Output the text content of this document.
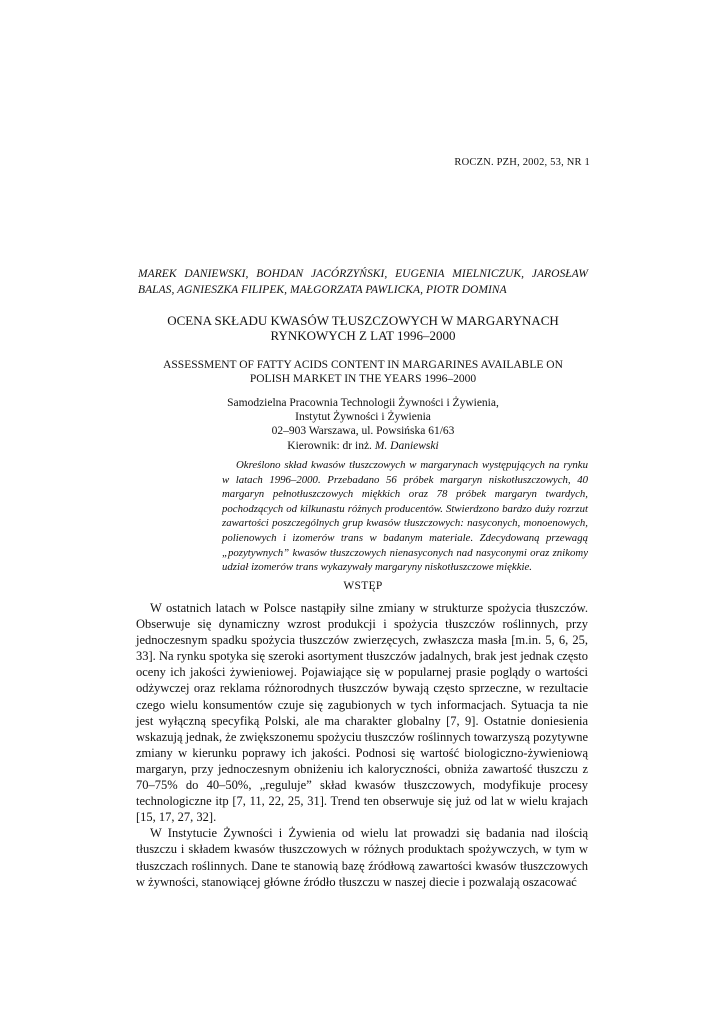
ROCZN. PZH, 2002, 53, NR 1
MAREK DANIEWSKI, BOHDAN JACÓRZYŃSKI, EUGENIA MIELNICZUK, JAROSŁAW BALAS, AGNIESZKA FILIPEK, MAŁGORZATA PAWLICKA, PIOTR DOMINA
OCENA SKŁADU KWASÓW TŁUSZCZOWYCH W MARGARYNACH
RYNKOWYCH Z LAT 1996–2000
ASSESSMENT OF FATTY ACIDS CONTENT IN MARGARINES AVAILABLE ON
POLISH MARKET IN THE YEARS 1996–2000
Samodzielna Pracownia Technologii Żywności i Żywienia,
Instytut Żywności i Żywienia
02–903 Warszawa, ul. Powsińska 61/63
Kierownik: dr inż. M. Daniewski

Określono skład kwasów tłuszczowych w margarynach występujących na rynku w latach 1996–2000. Przebadano 56 próbek margaryn niskotłuszczowych, 40 margaryn pełnotłuszczowych miękkich oraz 78 próbek margaryn twardych, pochodzących od kilkunastu różnych producentów. Stwierdzono bardzo duży rozrzut zawartości poszczególnych grup kwasów tłuszczowych: nasyconych, monoenowych, polienowych i izomerów trans w badanym materiale. Zdecydowaną przewagą „pozytywnych” kwasów tłuszczowych nienasyconych nad nasyconymi oraz znikomy udział izomerów trans wykazywały margaryny niskotłuszczowe miękkie.

WSTĘP

W ostatnich latach w Polsce nastąpiły silne zmiany w strukturze spożycia tłuszczów. Obserwuje się dynamiczny wzrost produkcji i spożycia tłuszczów roślinnych, przy jednoczesnym spadku spożycia tłuszczów zwierzęcych, zwłaszcza masła [m.in. 5, 6, 25, 33]. Na rynku spotyka się szeroki asortyment tłuszczów jadalnych, brak jest jednak często oceny ich jakości żywieniowej. Pojawiające się w popularnej prasie poglądy o wartości odżywczej oraz reklama różnorodnych tłuszczów bywają często sprzeczne, w rezultacie czego wielu konsumentów czuje się zagubionych w tych informacjach. Sytuacja ta nie jest wyłączną specyfiką Polski, ale ma charakter globalny [7, 9]. Ostatnie doniesienia wskazują jednak, że zwiększonemu spożyciu tłuszczów roślinnych towarzyszą pozytywne zmiany w kierunku poprawy ich jakości. Podnosi się wartość biologiczno-żywieniową margaryn, przy jednoczesnym obniżeniu ich kaloryczności, obniża zawartość tłuszczu z 70–75% do 40–50%, „reguluje” skład kwasów tłuszczowych, modyfikuje procesy technologiczne itp [7, 11, 22, 25, 31]. Trend ten obserwuje się już od lat w wielu krajach [15, 17, 27, 32].

W Instytucie Żywności i Żywienia od wielu lat prowadzi się badania nad ilością tłuszczu i składem kwasów tłuszczowych w różnych produktach spożywczych, w tym w tłuszczach roślinnych. Dane te stanowią bazę źródłową zawartości kwasów tłuszczowych w żywności, stanowiącej główne źródło tłuszczu w naszej diecie i pozwalają oszacować
